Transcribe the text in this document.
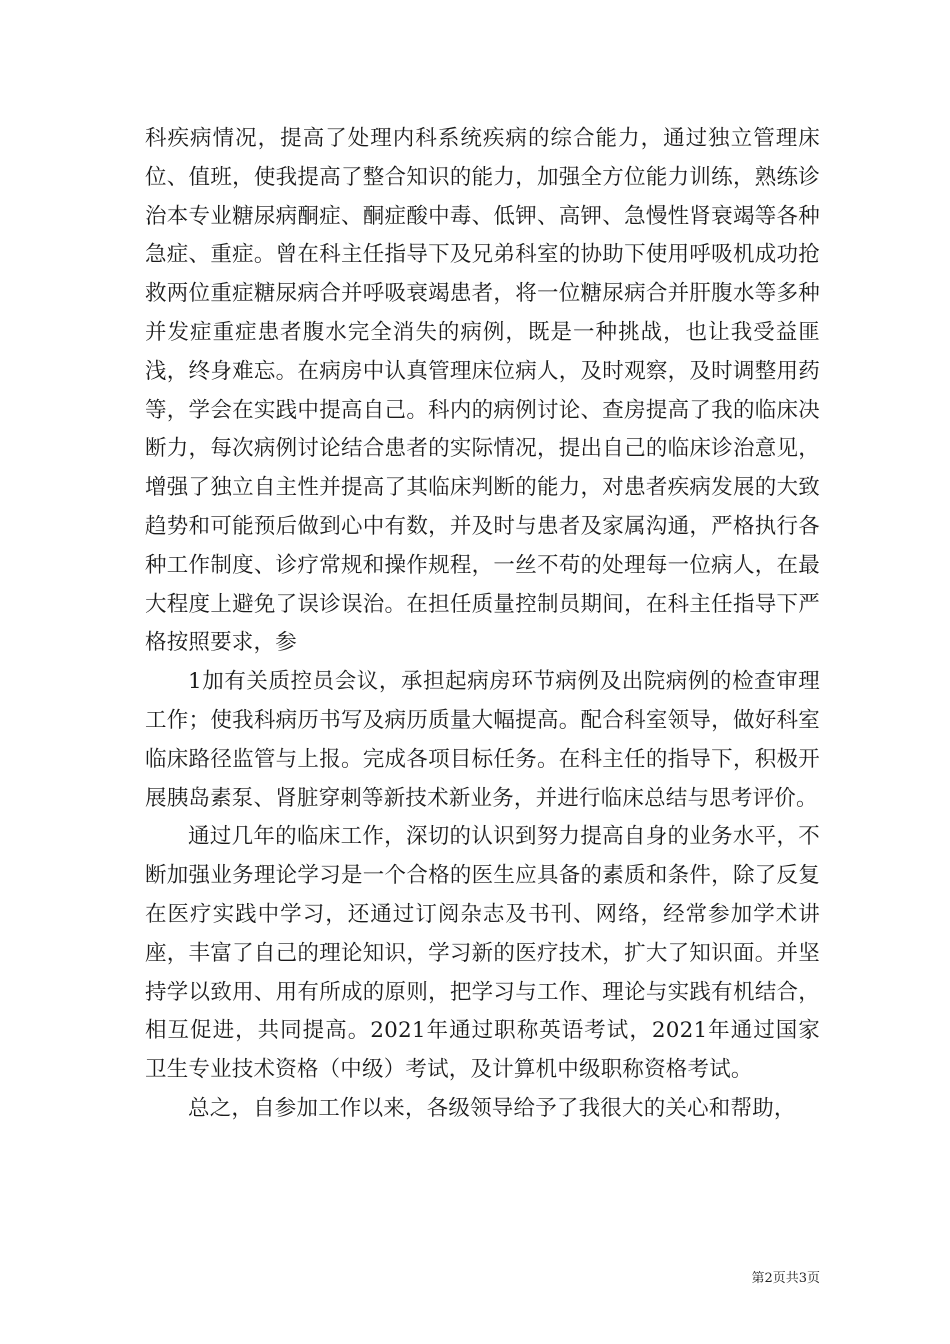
科疾病情况，提高了处理内科系统疾病的综合能力，通过独立管理床位、值班，使我提高了整合知识的能力，加强全方位能力训练，熟练诊治本专业糖尿病酮症、酮症酸中毒、低钾、高钾、急慢性肾衰竭等各种急症、重症。曾在科主任指导下及兄弟科室的协助下使用呼吸机成功抢救两位重症糖尿病合并呼吸衰竭患者，将一位糖尿病合并肝腹水等多种并发症重症患者腹水完全消失的病例，既是一种挑战，也让我受益匪浅，终身难忘。在病房中认真管理床位病人，及时观察，及时调整用药等，学会在实践中提高自己。科内的病例讨论、查房提高了我的临床决断力，每次病例讨论结合患者的实际情况，提出自己的临床诊治意见，增强了独立自主性并提高了其临床判断的能力，对患者疾病发展的大致趋势和可能预后做到心中有数，并及时与患者及家属沟通，严格执行各种工作制度、诊疗常规和操作规程，一丝不苟的处理每一位病人，在最大程度上避免了误诊误治。在担任质量控制员期间，在科主任指导下严格按照要求，参

1加有关质控员会议，承担起病房环节病例及出院病例的检查审理工作；使我科病历书写及病历质量大幅提高。配合科室领导，做好科室临床路径监管与上报。完成各项目标任务。在科主任的指导下，积极开展胰岛素泵、肾脏穿刺等新技术新业务，并进行临床总结与思考评价。

通过几年的临床工作，深切的认识到努力提高自身的业务水平，不断加强业务理论学习是一个合格的医生应具备的素质和条件，除了反复在医疗实践中学习，还通过订阅杂志及书刊、网络，经常参加学术讲座，丰富了自己的理论知识，学习新的医疗技术，扩大了知识面。并坚持学以致用、用有所成的原则，把学习与工作、理论与实践有机结合，相互促进，共同提高。2021年通过职称英语考试，2021年通过国家卫生专业技术资格（中级）考试，及计算机中级职称资格考试。

总之，自参加工作以来，各级领导给予了我很大的关心和帮助，

第2页共3页
